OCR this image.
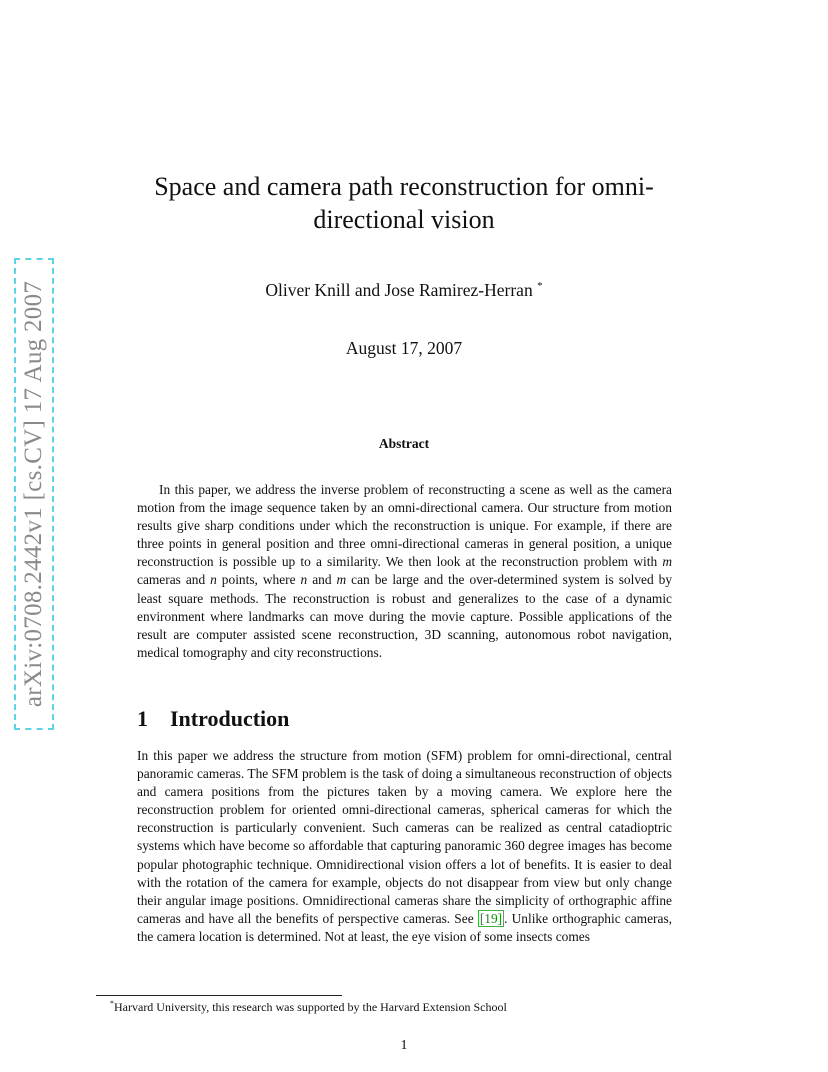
arXiv:0708.2442v1 [cs.CV] 17 Aug 2007
Space and camera path reconstruction for omni-directional vision
Oliver Knill and Jose Ramirez-Herran *
August 17, 2007
Abstract

In this paper, we address the inverse problem of reconstructing a scene as well as the camera motion from the image sequence taken by an omni-directional camera. Our structure from motion results give sharp conditions under which the reconstruction is unique. For example, if there are three points in general position and three omni-directional cameras in general position, a unique reconstruction is possible up to a similarity. We then look at the reconstruction problem with m cameras and n points, where n and m can be large and the over-determined system is solved by least square methods. The reconstruction is robust and generalizes to the case of a dynamic environment where landmarks can move during the movie capture. Possible applications of the result are computer assisted scene reconstruction, 3D scanning, autonomous robot navigation, medical tomography and city reconstructions.

1 Introduction

In this paper we address the structure from motion (SFM) problem for omni-directional, central panoramic cameras. The SFM problem is the task of doing a simultaneous reconstruction of objects and camera positions from the pictures taken by a moving camera. We explore here the reconstruction problem for oriented omni-directional cameras, spherical cameras for which the reconstruction is particularly convenient. Such cameras can be realized as central catadioptric systems which have become so affordable that capturing panoramic 360 degree images has become popular photographic technique. Omnidirectional vision offers a lot of benefits. It is easier to deal with the rotation of the camera for example, objects do not disappear from view but only change their angular image positions. Omnidirectional cameras share the simplicity of orthographic affine cameras and have all the benefits of perspective cameras. See [19] . Unlike orthographic cameras, the camera location is determined. Not at least, the eye vision of some insects comes

*Harvard University, this research was supported by the Harvard Extension School
1
